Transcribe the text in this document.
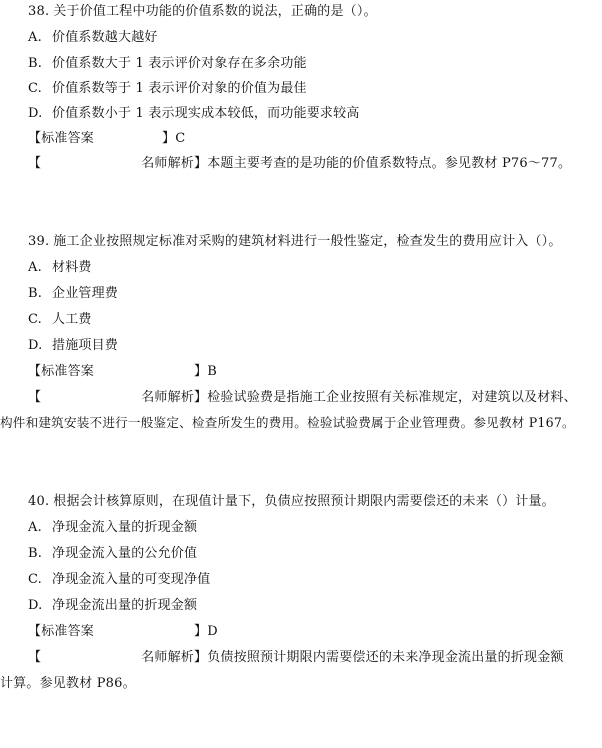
38. 关于价值工程中功能的价值系数的说法，正确的是（）。
A. 价值系数越大越好
B. 价值系数大于 1 表示评价对象存在多余功能
C. 价值系数等于 1 表示评价对象的价值为最佳
D. 价值系数小于 1 表示现实成本较低，而功能要求较高
【标准答案	】C
【	名师解析】本题主要考查的是功能的价值系数特点。参见教材 P76～77。
39. 施工企业按照规定标准对采购的建筑材料进行一般性鉴定，检查发生的费用应计入（）。
A. 材料费
B. 企业管理费
C. 人工费
D. 措施项目费
【标准答案	】B
【	名师解析】检验试验费是指施工企业按照有关标准规定，对建筑以及材料、
构件和建筑安装不进行一般鉴定、检查所发生的费用。检验试验费属于企业管理费。参见教材 P167。
40. 根据会计核算原则，在现值计量下，负债应按照预计期限内需要偿还的未来（）计量。
A. 净现金流入量的折现金额
B. 净现金流入量的公允价值
C. 净现金流入量的可变现净值
D. 净现金流出量的折现金额
【标准答案	】D
【	名师解析】负债按照预计期限内需要偿还的未来净现金流出量的折现金额
计算。参见教材 P86。
